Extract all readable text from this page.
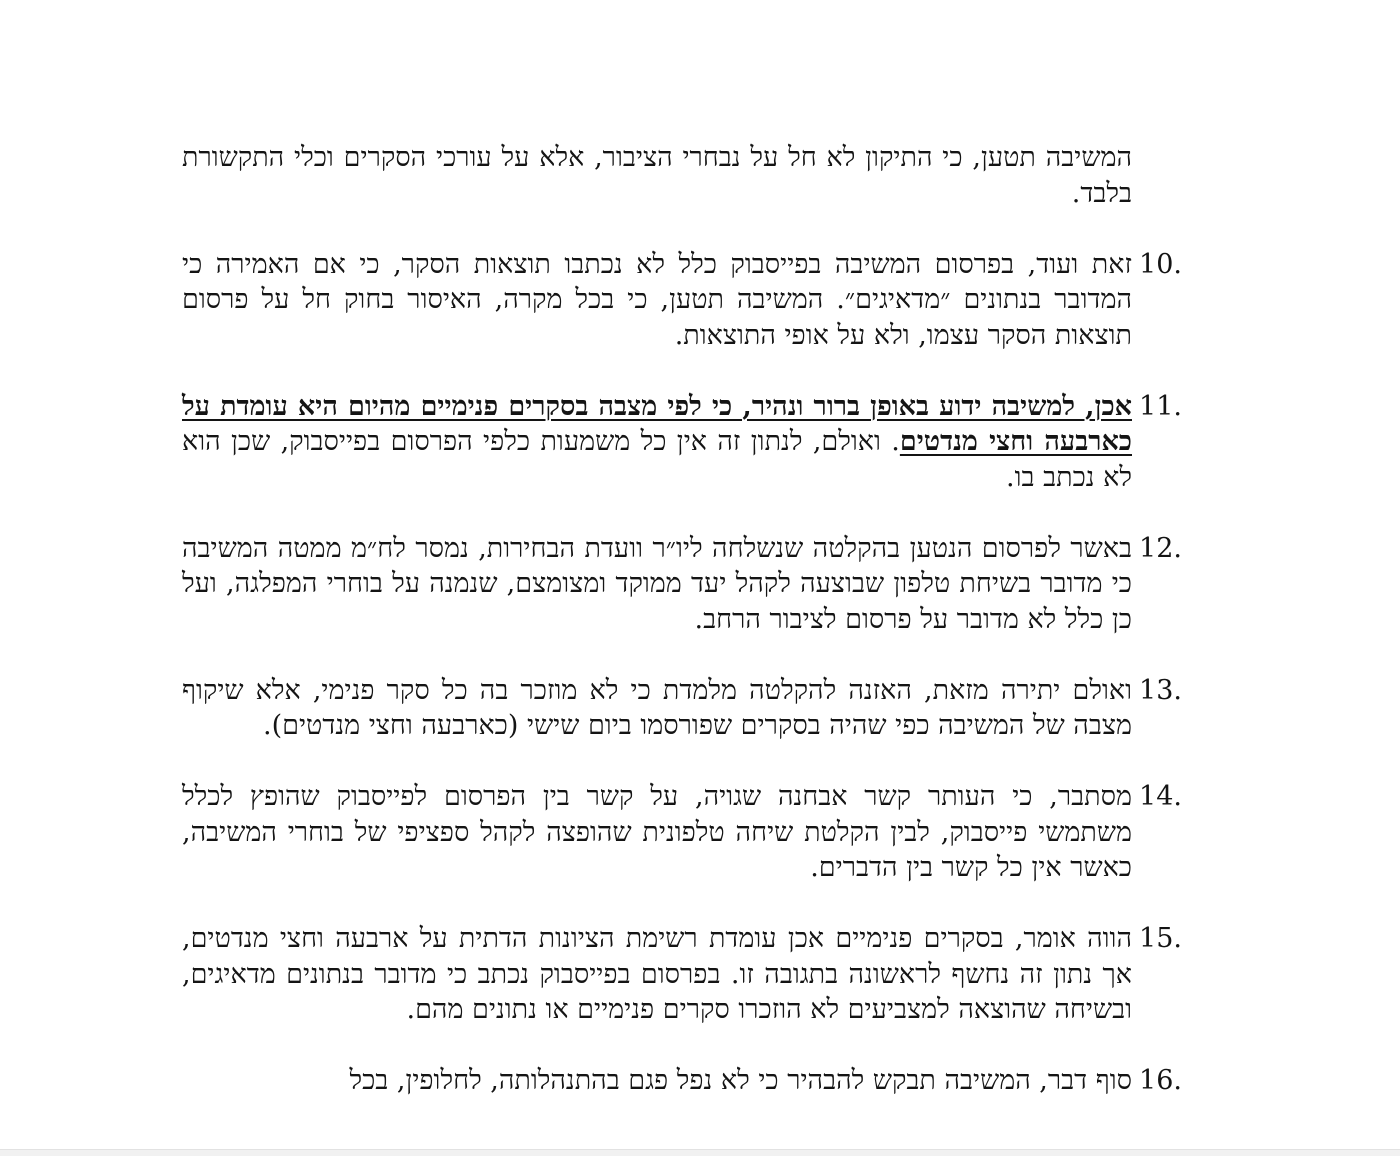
המשיבה תטען, כי התיקון לא חל על נבחרי הציבור, אלא על עורכי הסקרים וכלי התקשורת בלבד.

10.
זאת ועוד, בפרסום המשיבה בפייסבוק כלל לא נכתבו תוצאות הסקר, כי אם האמירה כי המדובר בנתונים ״מדאיגים״. המשיבה תטען, כי בכל מקרה, האיסור בחוק חל על פרסום תוצאות הסקר עצמו, ולא על אופי התוצאות.
11.
אכן, למשיבה ידוע באופן ברור ונהיר, כי לפי מצבה בסקרים פנימיים מהיום היא עומדת על כארבעה וחצי מנדטים. ואולם, לנתון זה אין כל משמעות כלפי הפרסום בפייסבוק, שכן הוא לא נכתב בו.
12.
באשר לפרסום הנטען בהקלטה שנשלחה ליו״ר וועדת הבחירות, נמסר לח״מ ממטה המשיבה כי מדובר בשיחת טלפון שבוצעה לקהל יעד ממוקד ומצומצם, שנמנה על בוחרי המפלגה, ועל כן כלל לא מדובר על פרסום לציבור הרחב.
13.
ואולם יתירה מזאת, האזנה להקלטה מלמדת כי לא מוזכר בה כל סקר פנימי, אלא שיקוף מצבה של המשיבה כפי שהיה בסקרים שפורסמו ביום שישי (כארבעה וחצי מנדטים).
14.
מסתבר, כי העותר קשר אבחנה שגויה, על קשר בין הפרסום לפייסבוק שהופץ לכלל משתמשי פייסבוק, לבין הקלטת שיחה טלפונית שהופצה לקהל ספציפי של בוחרי המשיבה, כאשר אין כל קשר בין הדברים.
15.
הווה אומר, בסקרים פנימיים אכן עומדת רשימת הציונות הדתית על ארבעה וחצי מנדטים, אך נתון זה נחשף לראשונה בתגובה זו. בפרסום בפייסבוק נכתב כי מדובר בנתונים מדאיגים, ובשיחה שהוצאה למצביעים לא הוזכרו סקרים פנימיים או נתונים מהם.
16.
סוף דבר, המשיבה תבקש להבהיר כי לא נפל פגם בהתנהלותה, לחלופין, בכל
